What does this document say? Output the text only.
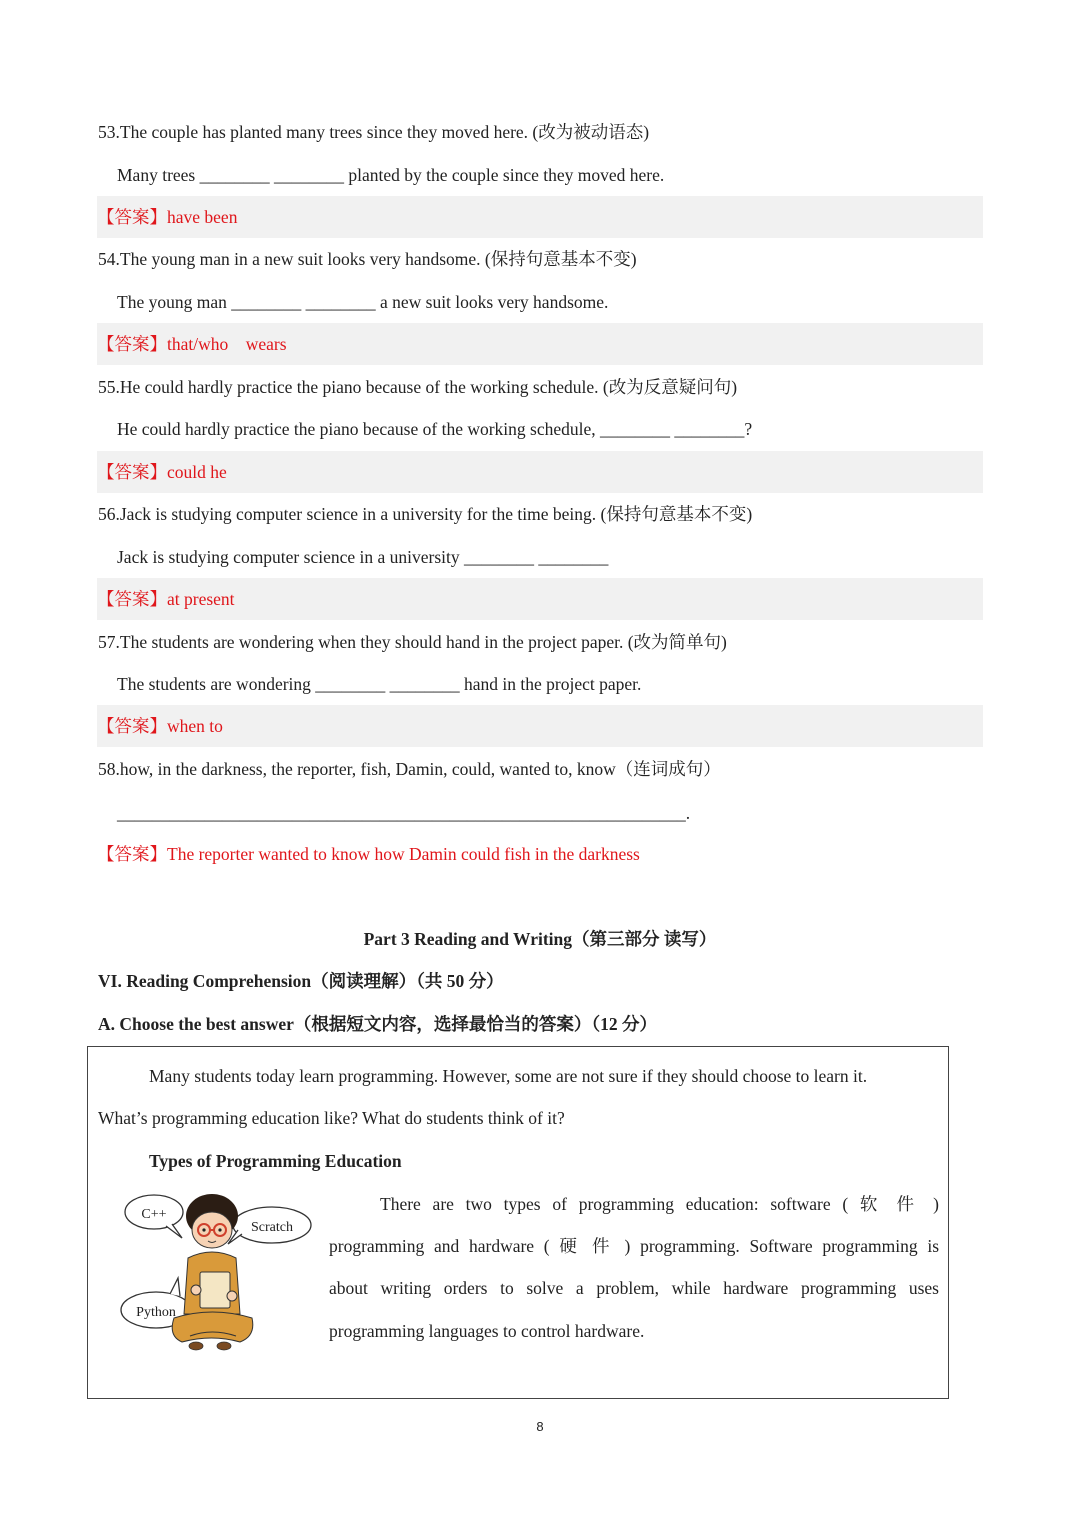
53.The couple has planted many trees since they moved here. (改为被动语态)
Many trees ________ ________ planted by the couple since they moved here.
【答案】have been
54.The young man in a new suit looks very handsome. (保持句意基本不变)
The young man ________ ________ a new suit looks very handsome.
【答案】that/who    wears
55.He could hardly practice the piano because of the working schedule. (改为反意疑问句)
He could hardly practice the piano because of the working schedule, ________ ________?
【答案】could he
56.Jack is studying computer science in a university for the time being. (保持句意基本不变)
Jack is studying computer science in a university ________ ________
【答案】at present
57.The students are wondering when they should hand in the project paper. (改为简单句)
The students are wondering ________ ________ hand in the project paper.
【答案】when to
58.how, in the darkness, the reporter, fish, Damin, could, wanted to, know（连词成句）
_________________________________________________________________.
【答案】The reporter wanted to know how Damin could fish in the darkness
Part 3 Reading and Writing（第三部分 读写）
VI. Reading Comprehension（阅读理解）（共 50 分）
A. Choose the best answer（根据短文内容，选择最恰当的答案）（12 分）
Many students today learn programming. However, some are not sure if they should choose to learn it.
What’s programming education like? What do students think of it?
Types of Programming Education
There are two types of programming education: software ( 软 件 )
programming and hardware ( 硬 件 ) programming. Software programming is
about writing orders to solve a problem, while hardware programming uses
programming languages to control hardware.
C++
Scratch
Python
8
